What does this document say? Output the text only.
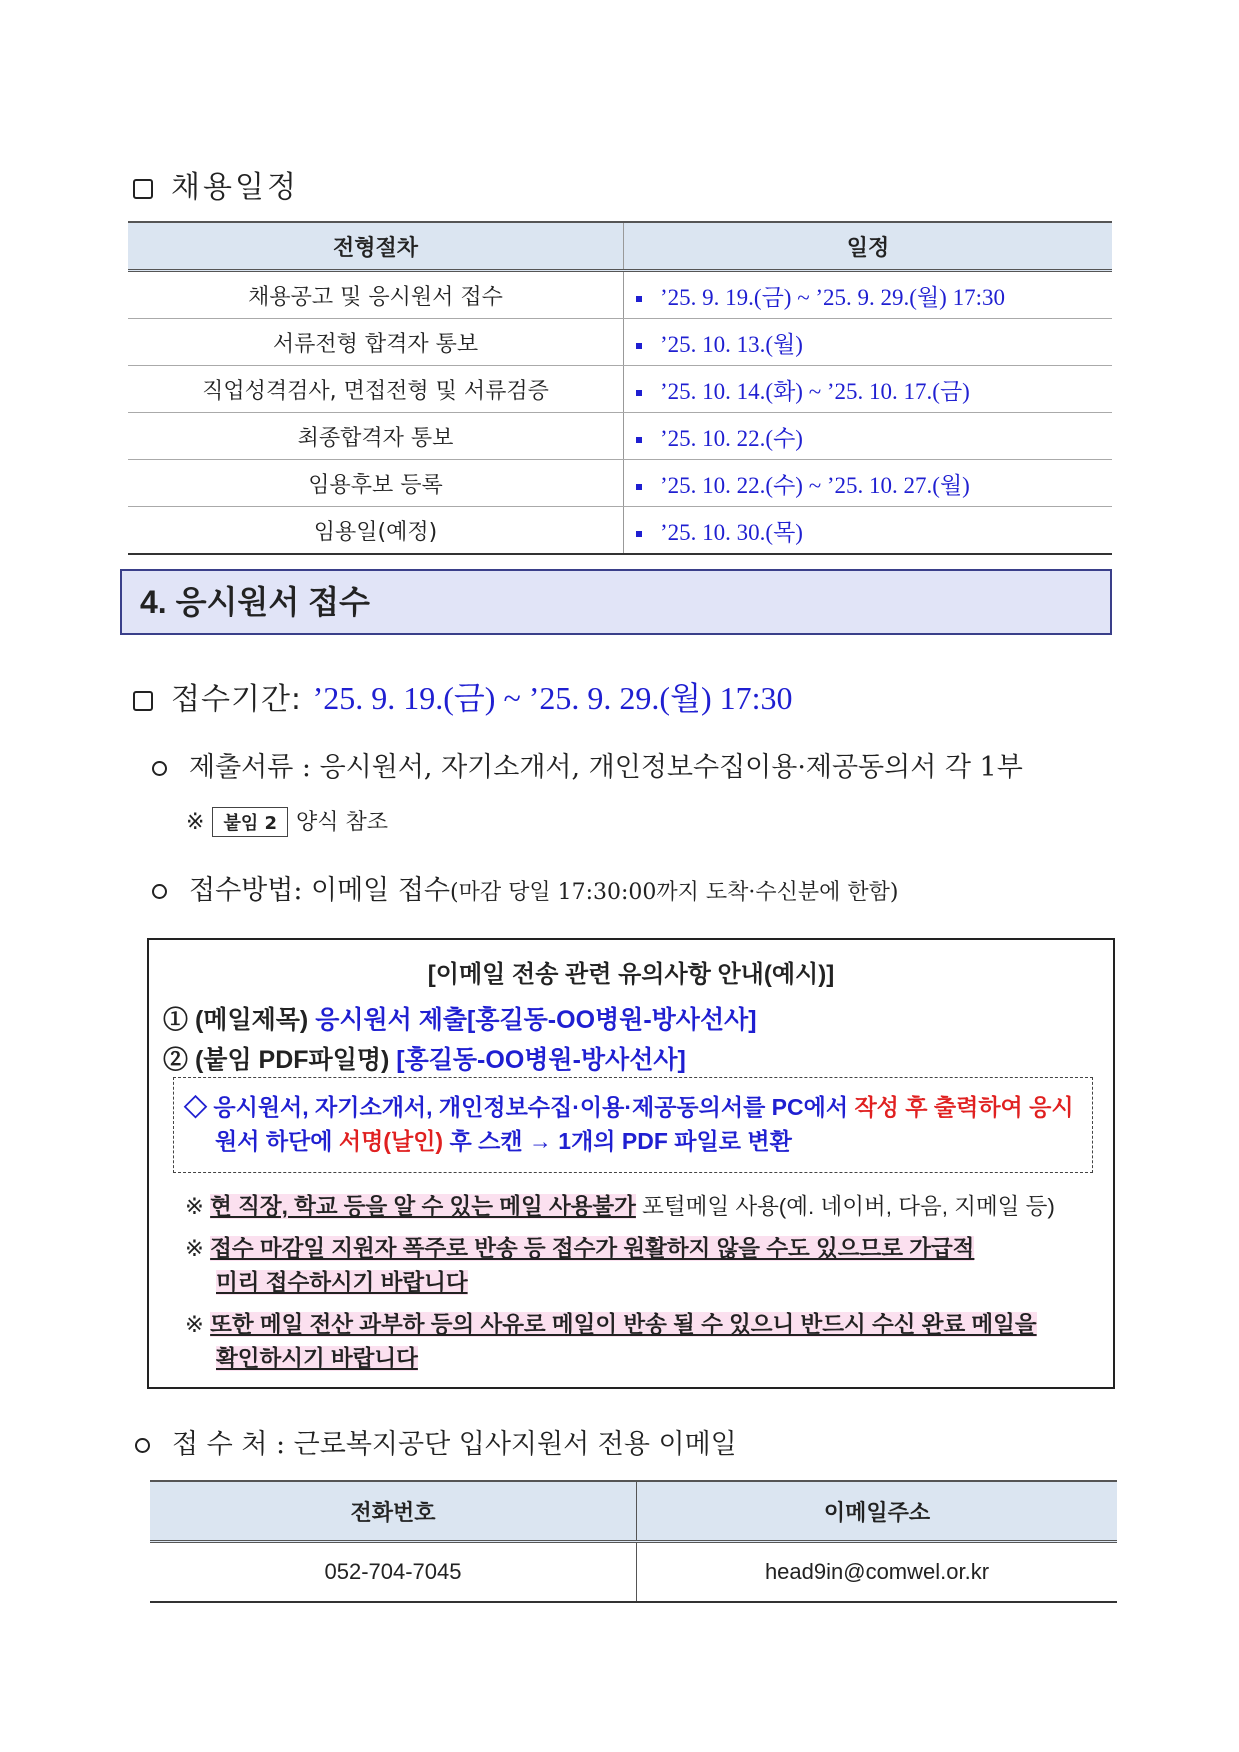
채용일정
전형절차	일정
채용공고 및 응시원서 접수	’25. 9. 19.(금) ~ ’25. 9. 29.(월) 17:30
서류전형 합격자 통보	’25. 10. 13.(월)
직업성격검사, 면접전형 및 서류검증	’25. 10. 14.(화) ~ ’25. 10. 17.(금)
최종합격자 통보	’25. 10. 22.(수)
임용후보 등록	’25. 10. 22.(수) ~ ’25. 10. 27.(월)
임용일(예정)	’25. 10. 30.(목)
4. 응시원서 접수
접수기간: ’25. 9. 19.(금) ~ ’25. 9. 29.(월) 17:30
제출서류 : 응시원서, 자기소개서, 개인정보수집이용·제공동의서 각 1부
※ 붙임 2 양식 참조
접수방법: 이메일 접수(마감 당일 17:30:00까지 도착·수신분에 한함)
[이메일 전송 관련 유의사항 안내(예시)]
① (메일제목) 응시원서 제출[홍길동-OO병원-방사선사]
② (붙임 PDF파일명) [홍길동-OO병원-방사선사]
◇ 응시원서, 자기소개서, 개인정보수집·이용·제공동의서를 PC에서 작성 후 출력하여 응시
원서 하단에 서명(날인) 후 스캔 → 1개의 PDF 파일로 변환
※ 현 직장, 학교 등을 알 수 있는 메일 사용불가 포털메일 사용(예. 네이버, 다음, 지메일 등)
※ 접수 마감일 지원자 폭주로 반송 등 접수가 원활하지 않을 수도 있으므로 가급적
미리 접수하시기 바랍니다
※ 또한 메일 전산 과부하 등의 사유로 메일이 반송 될 수 있으니 반드시 수신 완료 메일을
확인하시기 바랍니다
접 수 처 : 근로복지공단 입사지원서 전용 이메일
전화번호	이메일주소
052-704-7045	head9in@comwel.or.kr
